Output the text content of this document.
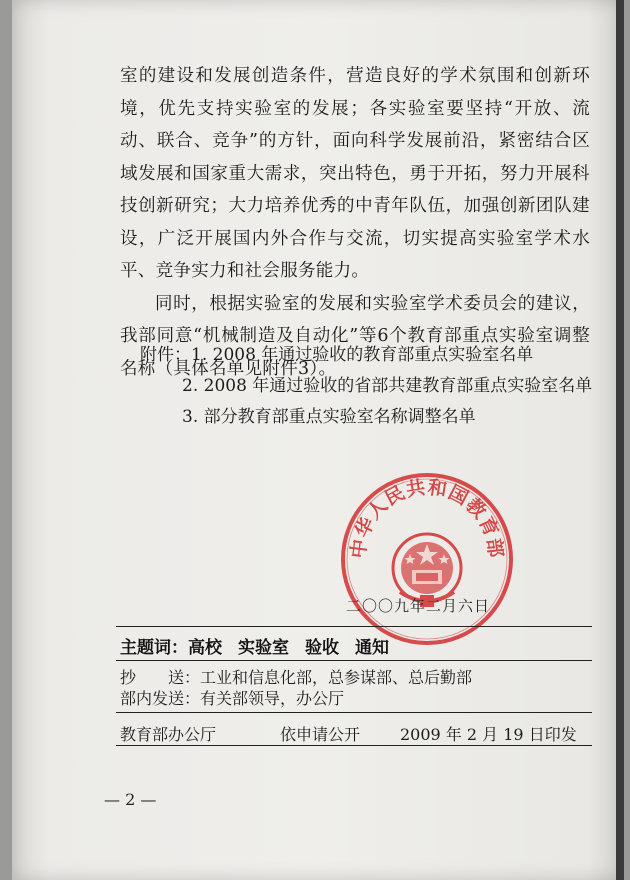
室的建设和发展创造条件，营造良好的学术氛围和创新环境，优先支持实验室的发展；各实验室要坚持“开放、流动、联合、竞争”的方针，面向科学发展前沿，紧密结合区域发展和国家重大需求，突出特色，勇于开拓，努力开展科技创新研究；大力培养优秀的中青年队伍，加强创新团队建设，广泛开展国内外合作与交流，切实提高实验室学术水平、竞争实力和社会服务能力。

同时，根据实验室的发展和实验室学术委员会的建议，我部同意“机械制造及自动化”等6个教育部重点实验室调整名称（具体名单见附件3）。

附件：1. 2008 年通过验收的教育部重点实验室名单
2. 2008 年通过验收的省部共建教育部重点实验室名单
3. 部分教育部重点实验室名称调整名单
中华人民共和国教育部
二〇〇九年二月六日
主题词：高校 实验室 验收 通知
抄　　送：工业和信息化部，总参谋部、总后勤部
部内发送：有关部领导，办公厅
教育部办公厅	依申请公开 2009 年 2 月 19 日印发
— 2 —
